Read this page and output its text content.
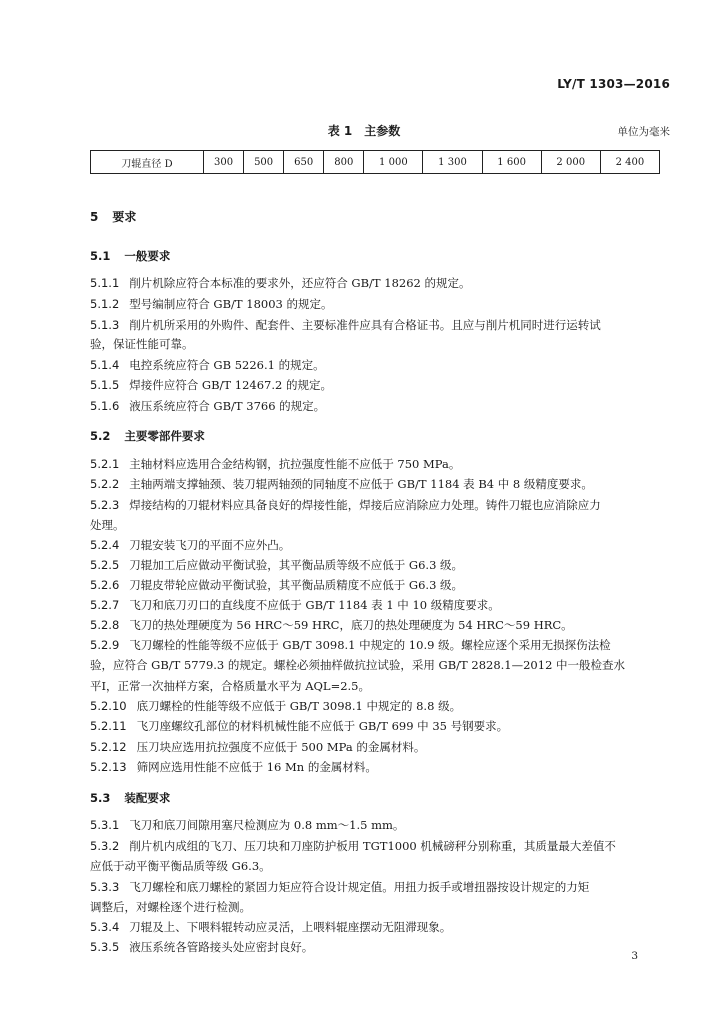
LY/T 1303—2016
表 1　主参数	单位为毫米
刀辊直径 D	300	500	650	800	1 000	1 300	1 600	2 000	2 400
5 要求
5.1 一般要求
5.1.1 削片机除应符合本标准的要求外，还应符合 GB/T 18262 的规定。
5.1.2 型号编制应符合 GB/T 18003 的规定。
5.1.3 削片机所采用的外购件、配套件、主要标准件应具有合格证书。且应与削片机同时进行运转试
验，保证性能可靠。
5.1.4 电控系统应符合 GB 5226.1 的规定。
5.1.5 焊接件应符合 GB/T 12467.2 的规定。
5.1.6 液压系统应符合 GB/T 3766 的规定。
5.2 主要零部件要求
5.2.1 主轴材料应选用合金结构钢，抗拉强度性能不应低于 750 MPa。
5.2.2 主轴两端支撑轴颈、装刀辊两轴颈的同轴度不应低于 GB/T 1184 表 B4 中 8 级精度要求。
5.2.3 焊接结构的刀辊材料应具备良好的焊接性能，焊接后应消除应力处理。铸件刀辊也应消除应力
处理。
5.2.4 刀辊安装飞刀的平面不应外凸。
5.2.5 刀辊加工后应做动平衡试验，其平衡品质等级不应低于 G6.3 级。
5.2.6 刀辊皮带轮应做动平衡试验，其平衡品质精度不应低于 G6.3 级。
5.2.7 飞刀和底刀刃口的直线度不应低于 GB/T 1184 表 1 中 10 级精度要求。
5.2.8 飞刀的热处理硬度为 56 HRC～59 HRC，底刀的热处理硬度为 54 HRC～59 HRC。
5.2.9 飞刀螺栓的性能等级不应低于 GB/T 3098.1 中规定的 10.9 级。螺栓应逐个采用无损探伤法检
验，应符合 GB/T 5779.3 的规定。螺栓必须抽样做抗拉试验，采用 GB/T 2828.1—2012 中一般检查水
平Ⅰ，正常一次抽样方案，合格质量水平为 AQL=2.5。
5.2.10 底刀螺栓的性能等级不应低于 GB/T 3098.1 中规定的 8.8 级。
5.2.11 飞刀座螺纹孔部位的材料机械性能不应低于 GB/T 699 中 35 号钢要求。
5.2.12 压刀块应选用抗拉强度不应低于 500 MPa 的金属材料。
5.2.13 筛网应选用性能不应低于 16 Mn 的金属材料。
5.3 装配要求
5.3.1 飞刀和底刀间隙用塞尺检测应为 0.8 mm～1.5 mm。
5.3.2 削片机内成组的飞刀、压刀块和刀座防护板用 TGT1000 机械磅秤分别称重，其质量最大差值不
应低于动平衡平衡品质等级 G6.3。
5.3.3 飞刀螺栓和底刀螺栓的紧固力矩应符合设计规定值。用扭力扳手或增扭器按设计规定的力矩
调整后，对螺栓逐个进行检测。
5.3.4 刀辊及上、下喂料辊转动应灵活，上喂料辊座摆动无阻滞现象。
5.3.5 液压系统各管路接头处应密封良好。
3
